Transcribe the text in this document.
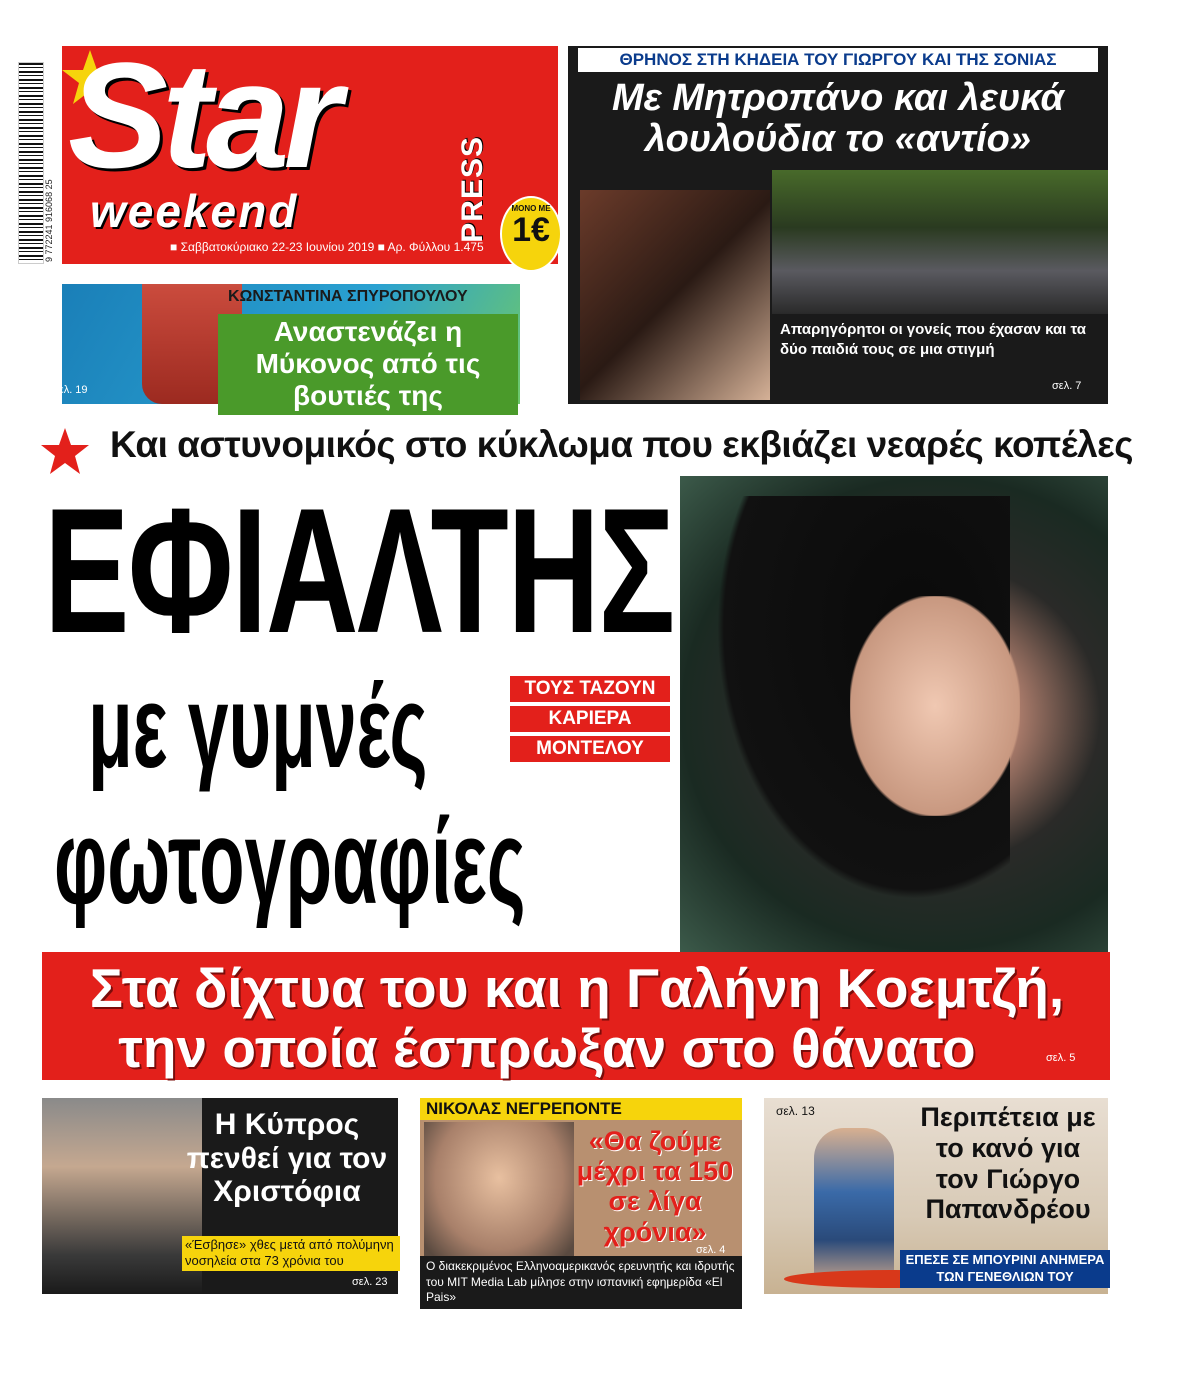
9 772241 916068 25
Star
weekend	PRESS
■ Σαββατοκύριακο 22-23 Ιουνίου 2019 ■ Αρ. Φύλλου 1.475
ΜΟΝΟ ΜΕ
1€
ΚΩΝΣΤΑΝΤΙΝΑ ΣΠΥΡΟΠΟΥΛΟΥ
Αναστενάζει η Μύκονος από τις βουτιές της
σελ. 19
ΘΡΗΝΟΣ ΣΤΗ ΚΗΔΕΙΑ ΤΟΥ ΓΙΩΡΓΟΥ ΚΑΙ ΤΗΣ ΣΟΝΙΑΣ
Με Μητροπάνο και λευκά λουλούδια το «αντίο»
Απαρηγόρητοι οι γονείς που έχασαν και τα δύο παιδιά τους σε μια στιγμή
σελ. 7
Και αστυνομικός στο κύκλωμα που εκβιάζει νεαρές κοπέλες
ΕΦΙΑΛΤΗΣ
με γυμνές
φωτογραφίες
ΤΟΥΣ ΤΑΖΟΥΝ
ΚΑΡΙΕΡΑ
ΜΟΝΤΕΛΟΥ
Στα δίχτυα του και η Γαλήνη Κοεμτζή,
την οποία έσπρωξαν στο θάνατο	σελ. 5
Η Κύπρος πενθεί για τον Χριστόφια
«Έσβησε» χθες μετά από πολύμηνη νοσηλεία στα 73 χρόνια του
σελ. 23
ΝΙΚΟΛΑΣ ΝΕΓΡΕΠΟΝΤΕ
«Θα ζούμε μέχρι τα 150 σε λίγα χρόνια»
σελ. 4
Ο διακεκριμένος Ελληνοαμερικανός ερευνητής και ιδρυτής του MIT Media Lab μίλησε στην ισπανική εφημερίδα «El Pais»
σελ. 13	Περιπέτεια με το κανό για τον Γιώργο Παπανδρέου
ΕΠΕΣΕ ΣΕ ΜΠΟΥΡΙΝΙ ΑΝΗΜΕΡΑ ΤΩΝ ΓΕΝΕΘΛΙΩΝ ΤΟΥ
